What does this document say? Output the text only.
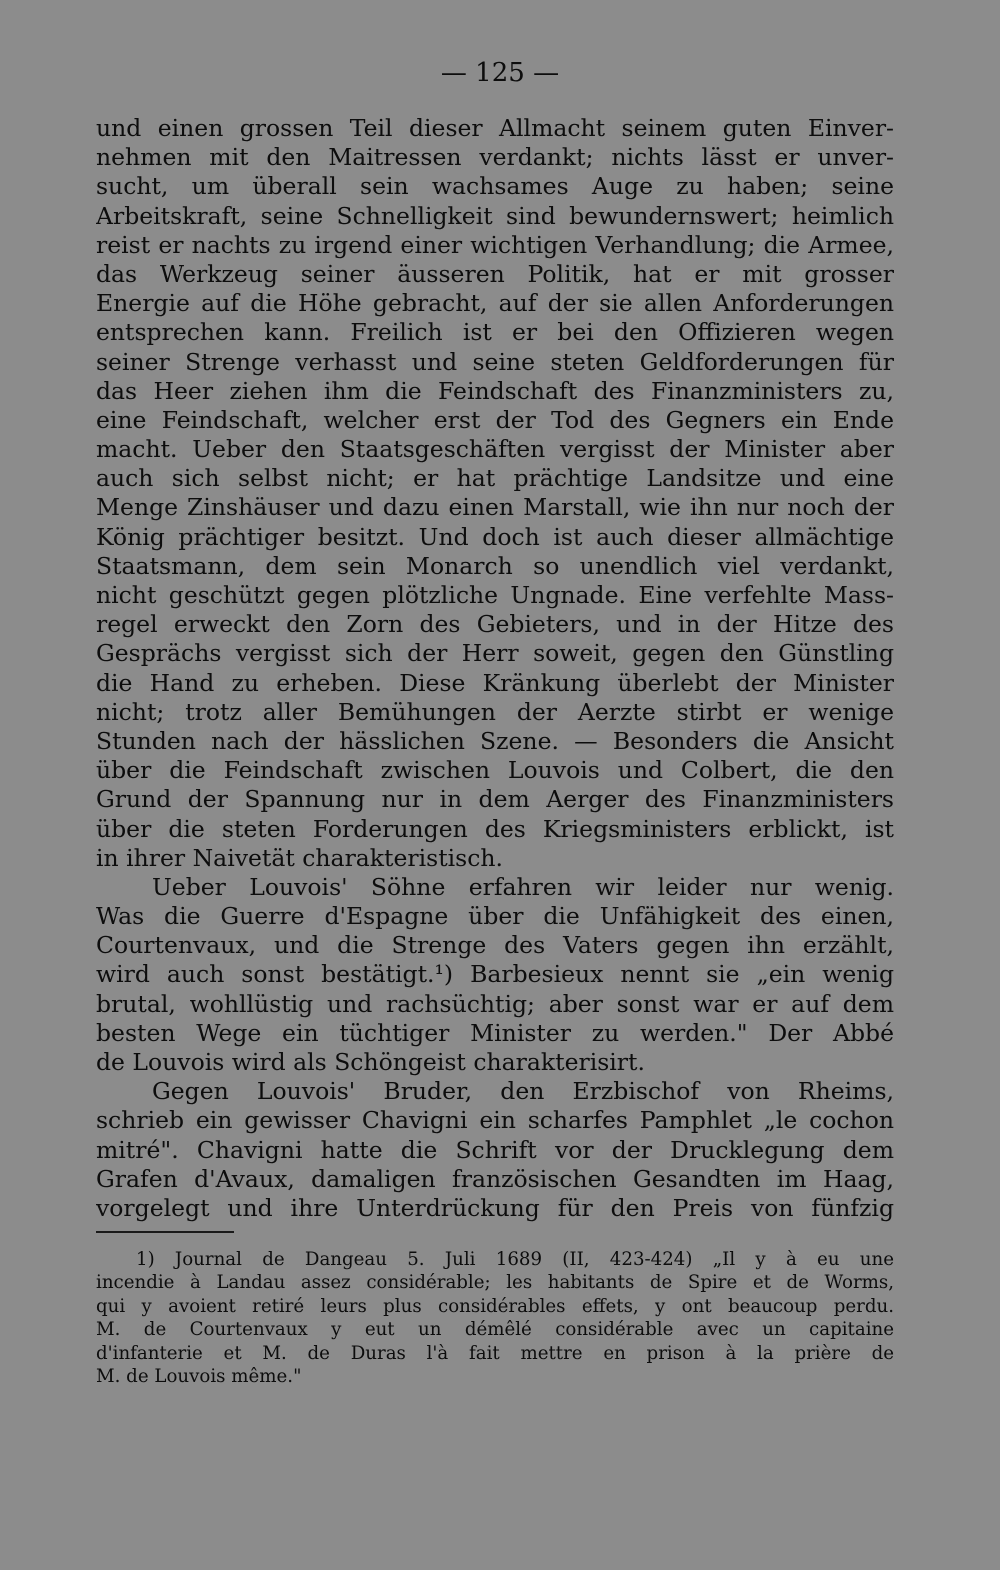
— 125 —
und einen grossen Teil dieser Allmacht seinem guten Einver-
nehmen mit den Maitressen verdankt; nichts lässt er unver-
sucht, um überall sein wachsames Auge zu haben; seine
Arbeitskraft, seine Schnelligkeit sind bewundernswert; heimlich
reist er nachts zu irgend einer wichtigen Verhandlung; die Armee,
das Werkzeug seiner äusseren Politik, hat er mit grosser
Energie auf die Höhe gebracht, auf der sie allen Anforderungen
entsprechen kann. Freilich ist er bei den Offizieren wegen
seiner Strenge verhasst und seine steten Geldforderungen für
das Heer ziehen ihm die Feindschaft des Finanzministers zu,
eine Feindschaft, welcher erst der Tod des Gegners ein Ende
macht. Ueber den Staatsgeschäften vergisst der Minister aber
auch sich selbst nicht; er hat prächtige Landsitze und eine
Menge Zinshäuser und dazu einen Marstall, wie ihn nur noch der
König prächtiger besitzt. Und doch ist auch dieser allmächtige
Staatsmann, dem sein Monarch so unendlich viel verdankt,
nicht geschützt gegen plötzliche Ungnade. Eine verfehlte Mass-
regel erweckt den Zorn des Gebieters, und in der Hitze des
Gesprächs vergisst sich der Herr soweit, gegen den Günstling
die Hand zu erheben. Diese Kränkung überlebt der Minister
nicht; trotz aller Bemühungen der Aerzte stirbt er wenige
Stunden nach der hässlichen Szene. — Besonders die Ansicht
über die Feindschaft zwischen Louvois und Colbert, die den
Grund der Spannung nur in dem Aerger des Finanzministers
über die steten Forderungen des Kriegsministers erblickt, ist
in ihrer Naivetät charakteristisch.
Ueber Louvois' Söhne erfahren wir leider nur wenig.
Was die Guerre d'Espagne über die Unfähigkeit des einen,
Courtenvaux, und die Strenge des Vaters gegen ihn erzählt,
wird auch sonst bestätigt.¹) Barbesieux nennt sie „ein wenig
brutal, wohllüstig und rachsüchtig; aber sonst war er auf dem
besten Wege ein tüchtiger Minister zu werden." Der Abbé
de Louvois wird als Schöngeist charakterisirt.
Gegen Louvois' Bruder, den Erzbischof von Rheims,
schrieb ein gewisser Chavigni ein scharfes Pamphlet „le cochon
mitré". Chavigni hatte die Schrift vor der Drucklegung dem
Grafen d'Avaux, damaligen französischen Gesandten im Haag,
vorgelegt und ihre Unterdrückung für den Preis von fünfzig
1) Journal de Dangeau 5. Juli 1689 (II, 423-424) „Il y à eu une
incendie à Landau assez considérable; les habitants de Spire et de Worms,
qui y avoient retiré leurs plus considérables effets, y ont beaucoup perdu.
M. de Courtenvaux y eut un démêlé considérable avec un capitaine
d'infanterie et M. de Duras l'à fait mettre en prison à la prière de
M. de Louvois même."
